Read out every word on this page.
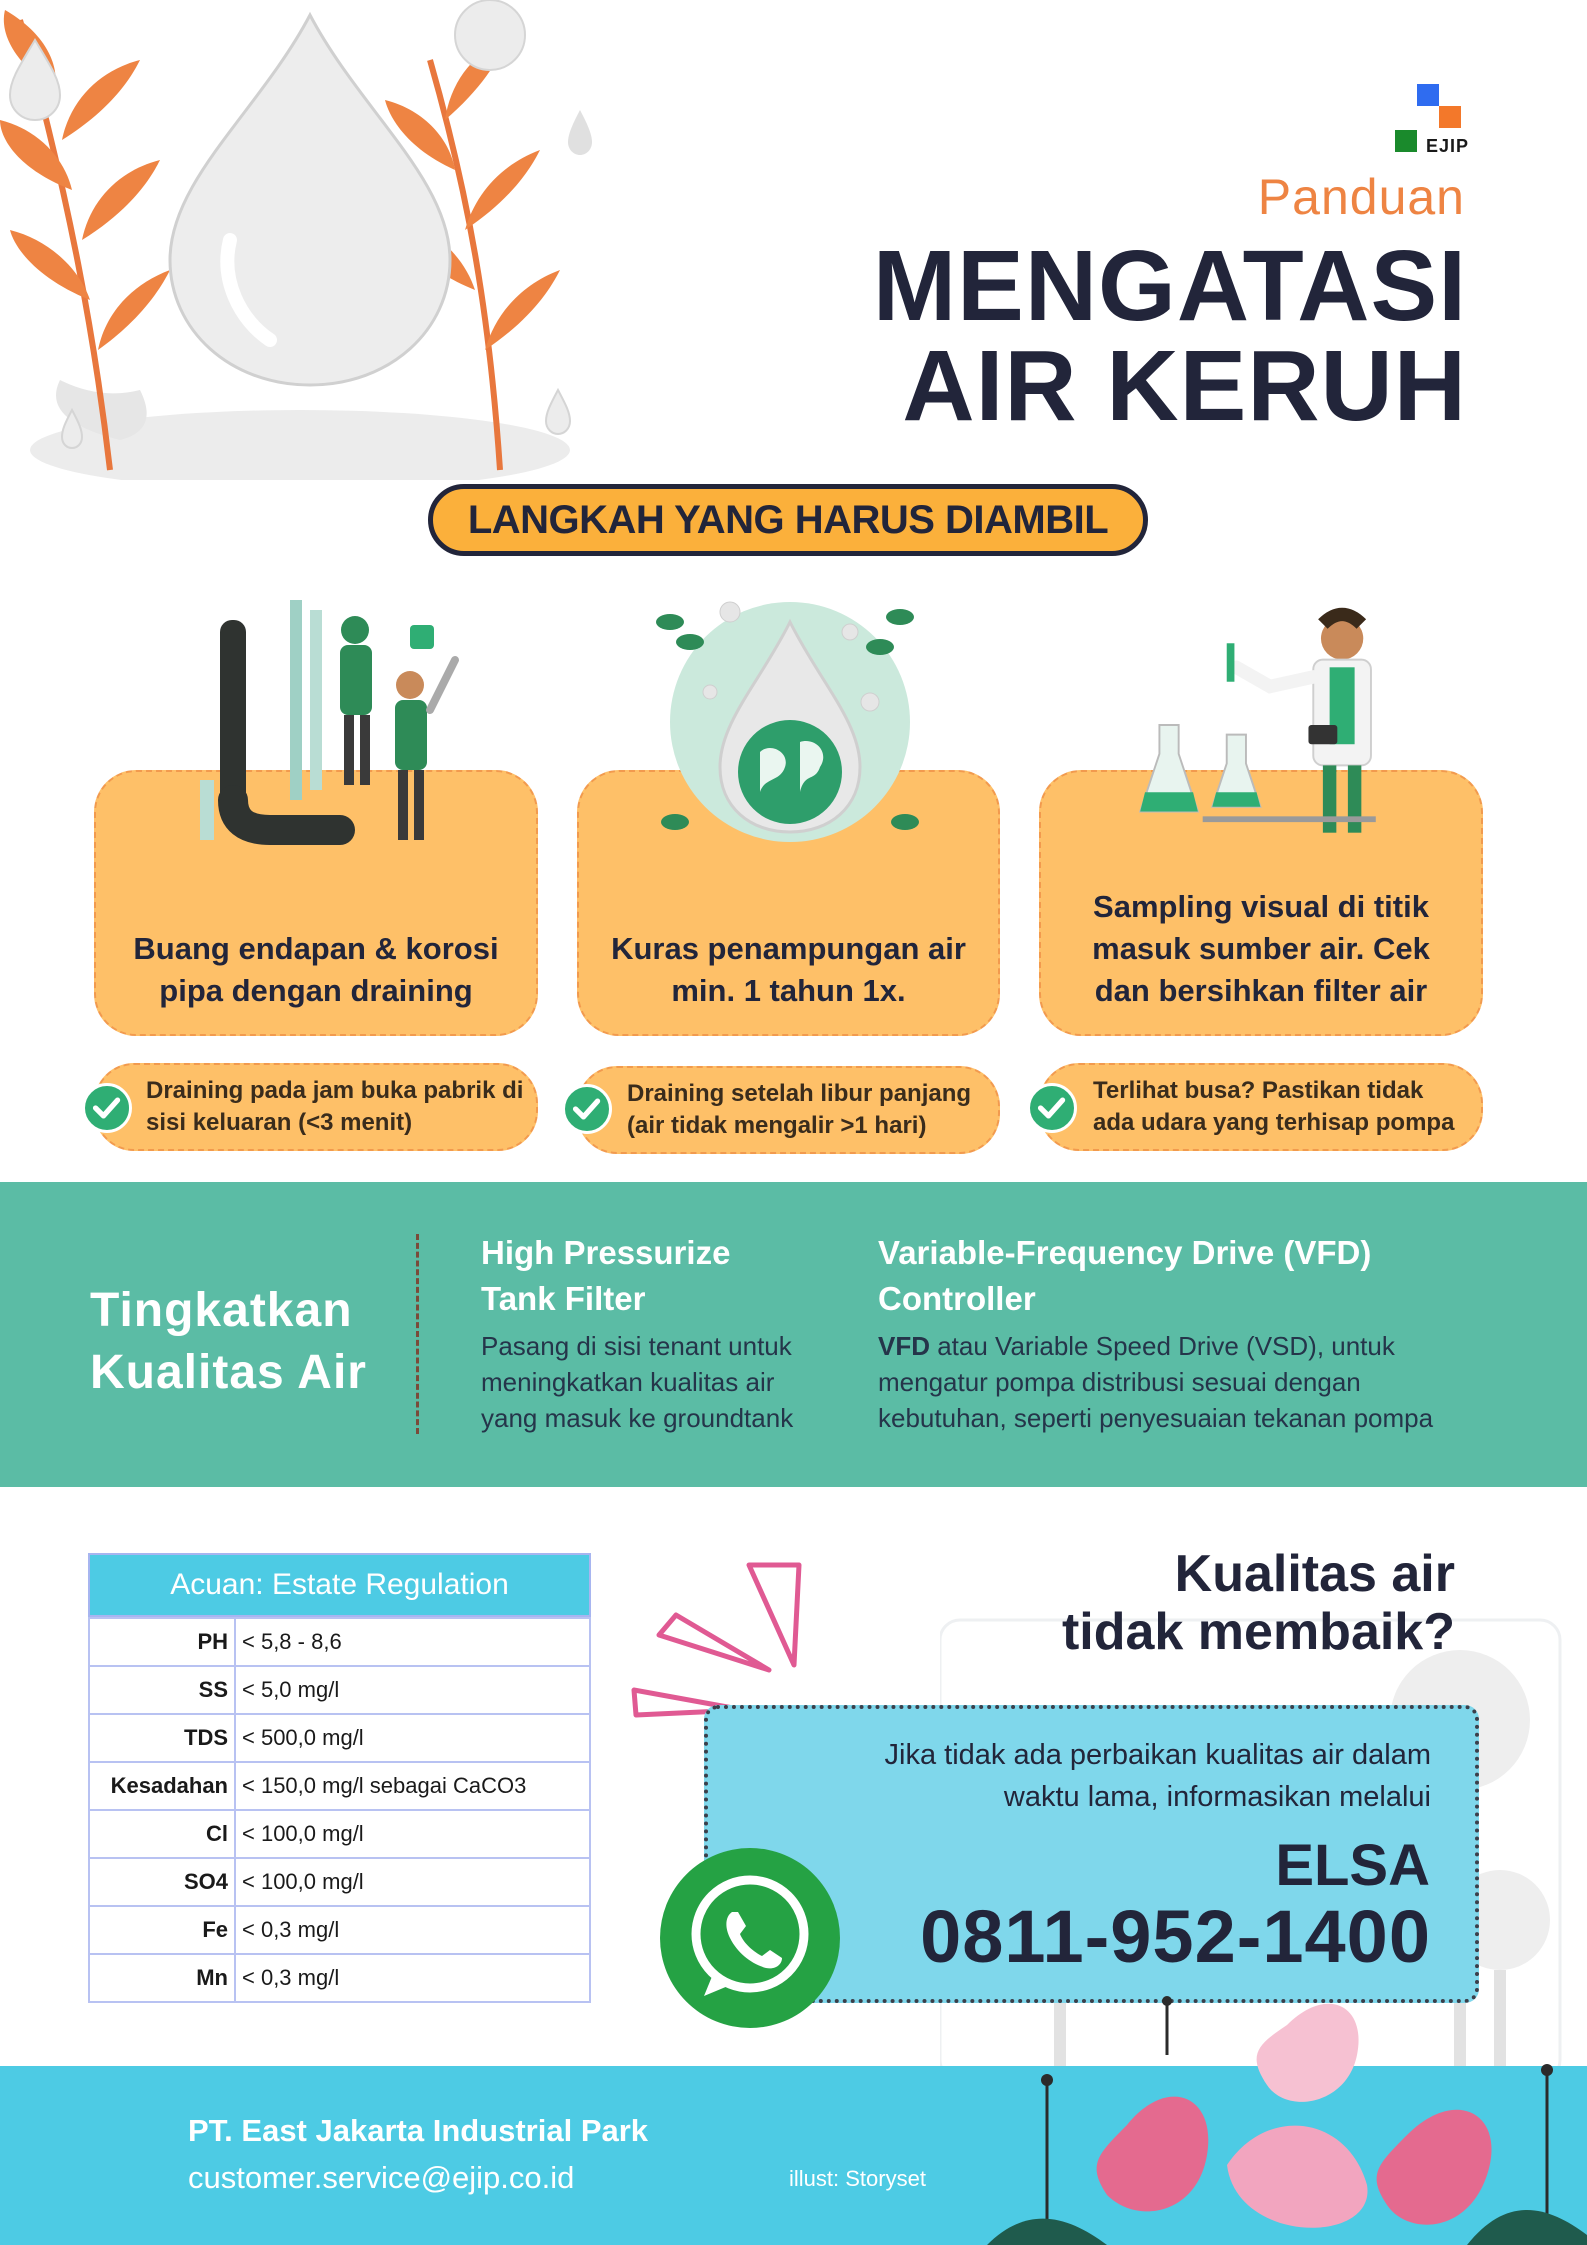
EJIP
Panduan
MENGATASI
AIR KERUH
LANGKAH YANG HARUS DIAMBIL
Buang endapan & korosi pipa dengan draining
Draining pada jam buka pabrik di sisi keluaran (<3 menit)
Kuras penampungan air min. 1 tahun 1x.
Draining setelah libur panjang (air tidak mengalir >1 hari)
Sampling visual di titik masuk sumber air. Cek dan bersihkan filter air
Terlihat busa? Pastikan tidak ada udara yang terhisap pompa
Tingkatkan
Kualitas Air
High Pressurize
Tank Filter
Pasang di sisi tenant untuk meningkatkan kualitas air yang masuk ke groundtank
Variable-Frequency Drive (VFD)
Controller
VFD atau Variable Speed Drive (VSD), untuk mengatur pompa distribusi sesuai dengan kebutuhan, seperti penyesuaian tekanan pompa
Acuan: Estate Regulation
PH	< 5,8 - 8,6
SS	< 5,0 mg/l
TDS	< 500,0 mg/l
Kesadahan	< 150,0 mg/l sebagai CaCO3
Cl	< 100,0 mg/l
SO4	< 100,0 mg/l
Fe	< 0,3 mg/l
Mn	< 0,3 mg/l
Kualitas air
tidak membaik?
Jika tidak ada perbaikan kualitas air dalam
waktu lama, informasikan melalui
ELSA
0811-952-1400
PT. East Jakarta Industrial Park
customer.service@ejip.co.id	illust: Storyset
